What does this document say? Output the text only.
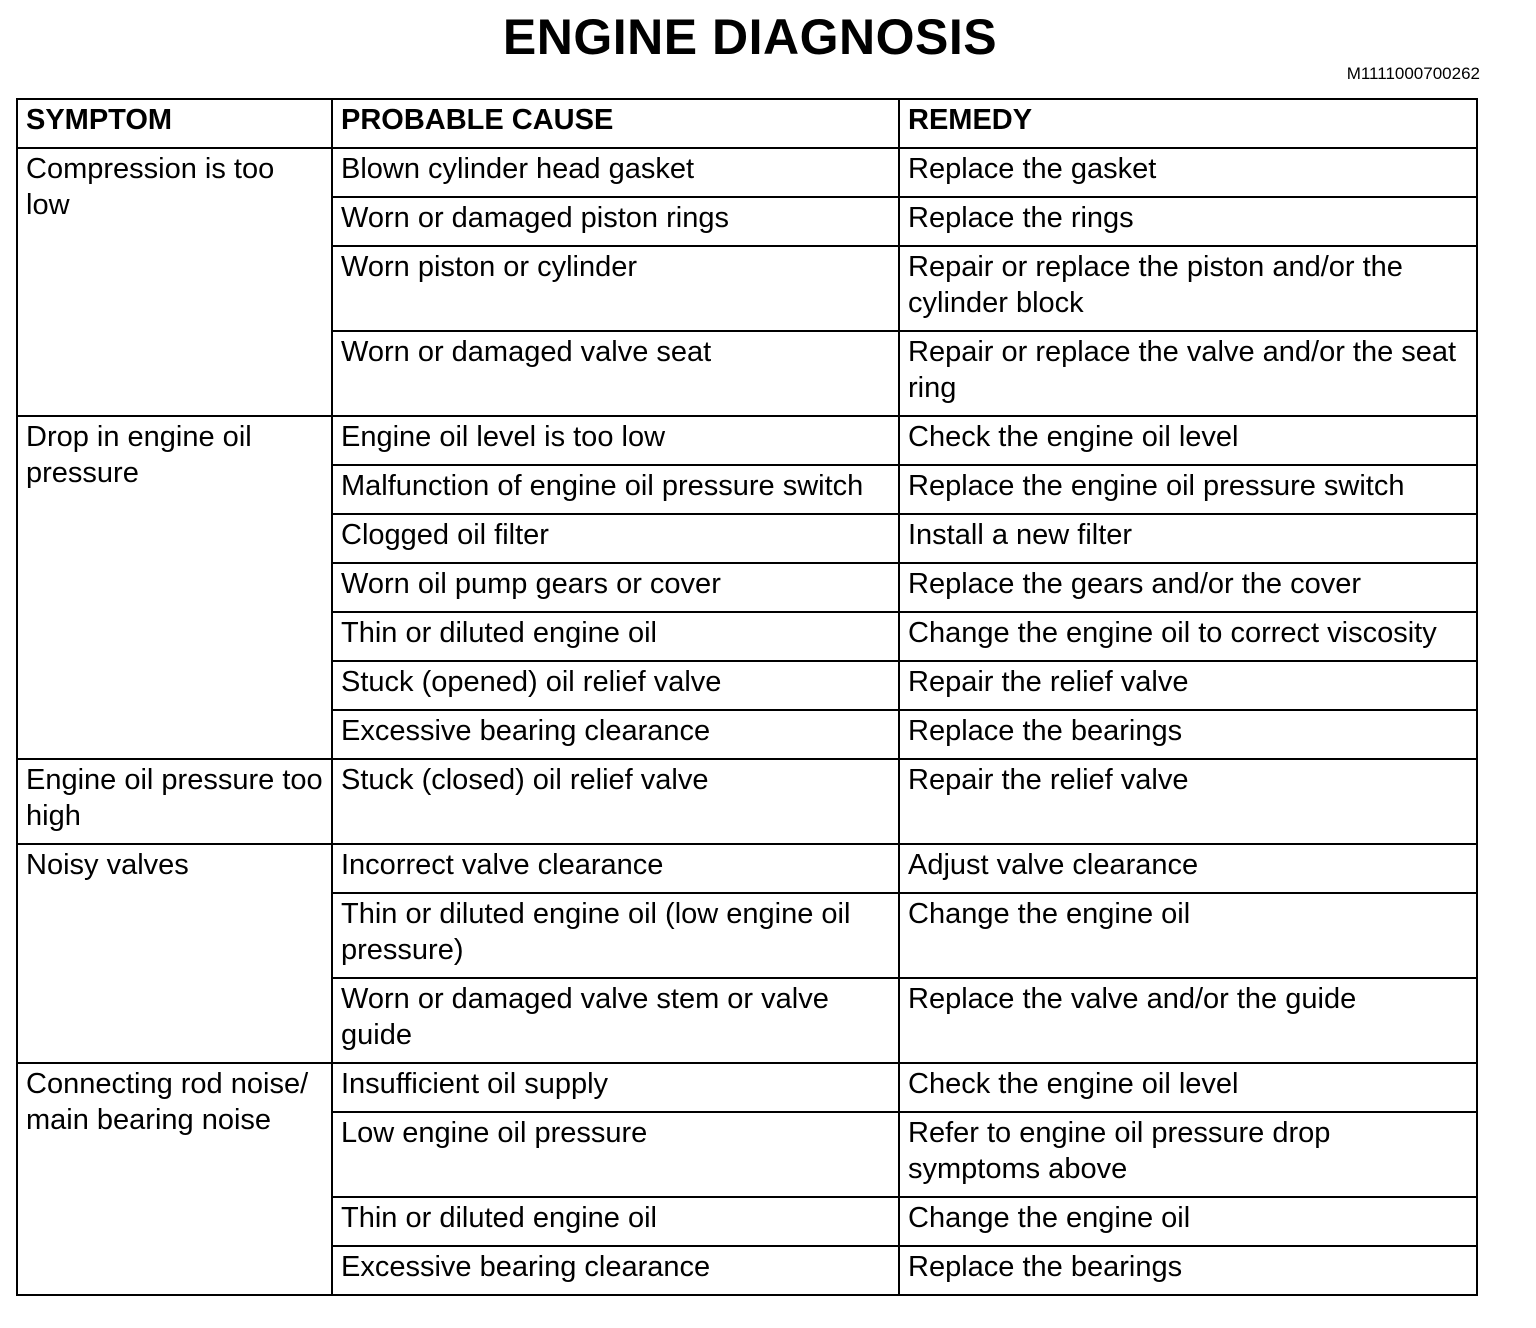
ENGINE DIAGNOSIS
M1111000700262
SYMPTOM	PROBABLE CAUSE	REMEDY
Compression is too low	Blown cylinder head gasket	Replace the gasket
	Worn or damaged piston rings	Replace the rings
	Worn piston or cylinder	Repair or replace the piston and/or the cylinder block
	Worn or damaged valve seat	Repair or replace the valve and/or the seat ring
Drop in engine oil pressure	Engine oil level is too low	Check the engine oil level
	Malfunction of engine oil pressure switch	Replace the engine oil pressure switch
	Clogged oil filter	Install a new filter
	Worn oil pump gears or cover	Replace the gears and/or the cover
	Thin or diluted engine oil	Change the engine oil to correct viscosity
	Stuck (opened) oil relief valve	Repair the relief valve
	Excessive bearing clearance	Replace the bearings
Engine oil pressure too high	Stuck (closed) oil relief valve	Repair the relief valve
Noisy valves	Incorrect valve clearance	Adjust valve clearance
	Thin or diluted engine oil (low engine oil pressure)	Change the engine oil
	Worn or damaged valve stem or valve guide	Replace the valve and/or the guide
Connecting rod noise/ main bearing noise	Insufficient oil supply	Check the engine oil level
	Low engine oil pressure	Refer to engine oil pressure drop symptoms above
	Thin or diluted engine oil	Change the engine oil
	Excessive bearing clearance	Replace the bearings
